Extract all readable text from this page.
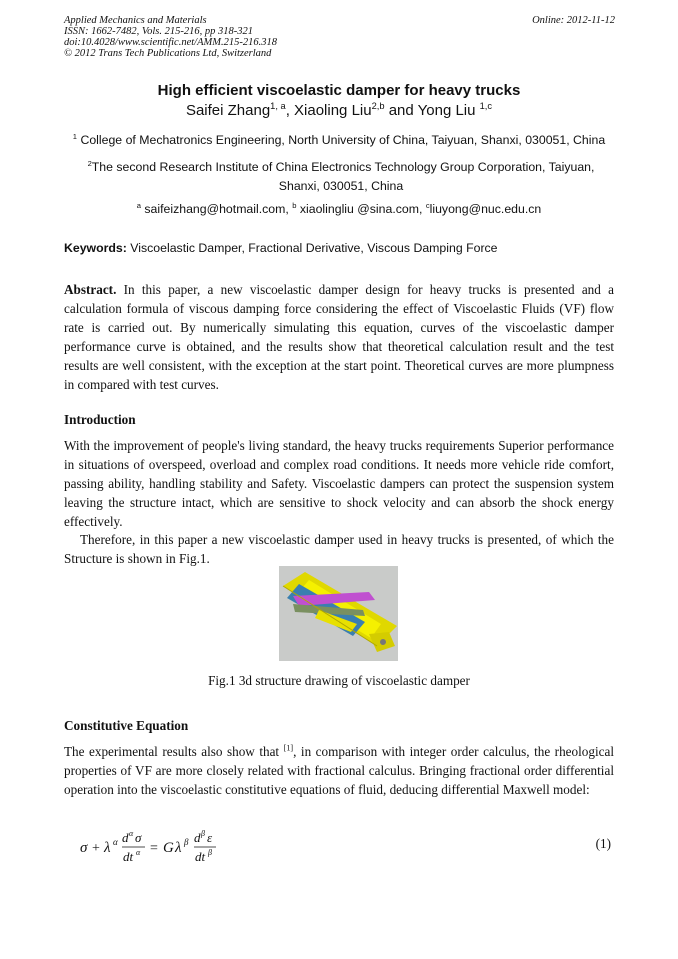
Applied Mechanics and Materials
ISSN: 1662-7482, Vols. 215-216, pp 318-321
doi:10.4028/www.scientific.net/AMM.215-216.318
© 2012 Trans Tech Publications Ltd, Switzerland
Online: 2012-11-12
High efficient viscoelastic damper for heavy trucks
Saifei Zhang$^{1, a}$, Xiaoling Liu$^{2,b}$ and Yong Liu $^{1,c}$
$^1$ College of Mechatronics Engineering, North University of China, Taiyuan, Shanxi, 030051, China
$^2$The second Research Institute of China Electronics Technology Group Corporation, Taiyuan, Shanxi, 030051, China
$^a$ saifeizhang@hotmail.com, $^b$ xiaolingliu @sina.com, $^c$liuyong@nuc.edu.cn
Keywords: Viscoelastic Damper, Fractional Derivative, Viscous Damping Force
Abstract. In this paper, a new viscoelastic damper design for heavy trucks is presented and a calculation formula of viscous damping force considering the effect of Viscoelastic Fluids (VF) flow rate is carried out. By numerically simulating this equation, curves of the viscoelastic damper performance curve is obtained, and the results show that theoretical calculation result and the test results are well consistent, with the exception at the start point. Theoretical curves are more plumpness in compared with test curves.
Introduction
With the improvement of people's living standard, the heavy trucks requirements Superior performance in situations of overspeed, overload and complex road conditions. It needs more vehicle ride comfort, passing ability, handling stability and Safety. Viscoelastic dampers can protect the suspension system leaving the structure intact, which are sensitive to shock velocity and can absorb the shock energy effectively.
Therefore, in this paper a new viscoelastic damper used in heavy trucks is presented, of which the Structure is shown in Fig.1.
Fig.1 3d structure drawing of viscoelastic damper
Constitutive Equation
The experimental results also show that [1], in comparison with integer order calculus, the rheological properties of VF are more closely related with fractional calculus. Bringing fractional order differential operation into the viscoelastic constitutive equations of fluid, deducing differential Maxwell model:
σ + λ α d α σ
dt α = G λ β d β ε
dt β
(1)
